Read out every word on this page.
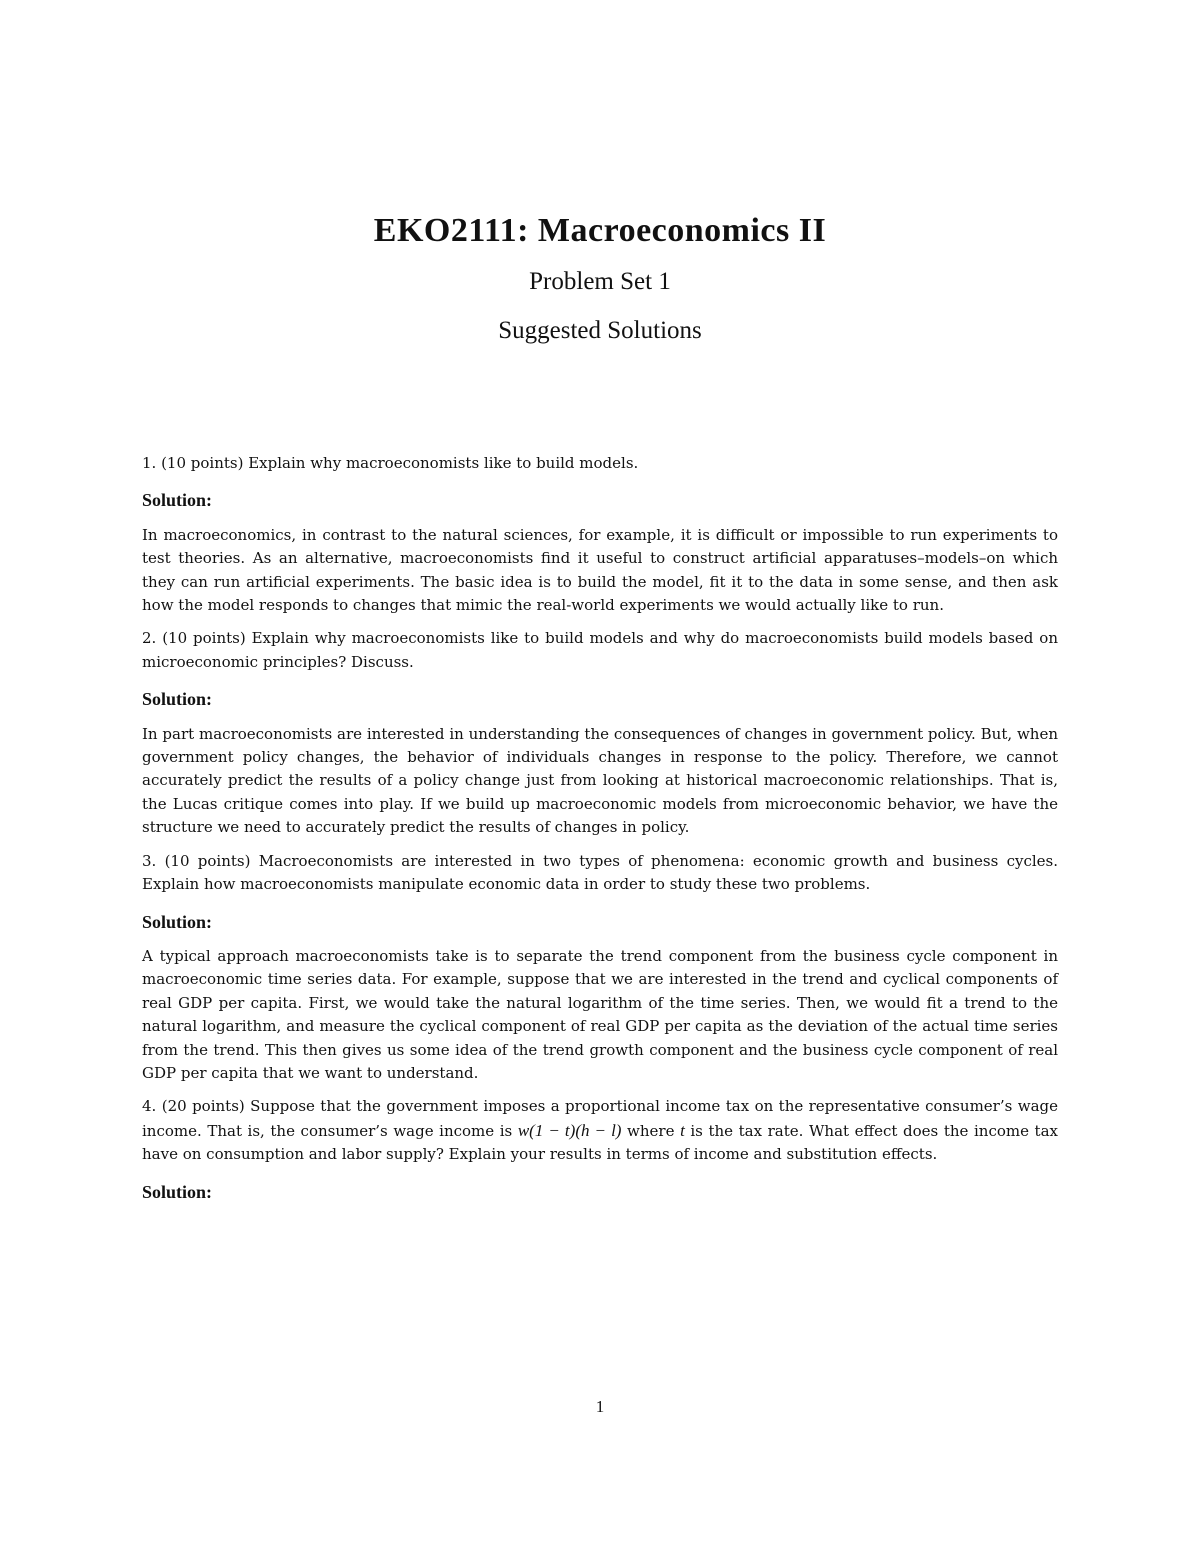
EKO2111: Macroeconomics II
Problem Set 1
Suggested Solutions

1. (10 points) Explain why macroeconomists like to build models.

Solution:

In macroeconomics, in contrast to the natural sciences, for example, it is difficult or impossible to run experiments to test theories. As an alternative, macroeconomists find it useful to construct artificial apparatuses–models–on which they can run artificial experiments. The basic idea is to build the model, fit it to the data in some sense, and then ask how the model responds to changes that mimic the real-world experiments we would actually like to run.

2. (10 points) Explain why macroeconomists like to build models and why do macroeconomists build models based on microeconomic principles? Discuss.

Solution:

In part macroeconomists are interested in understanding the consequences of changes in government policy. But, when government policy changes, the behavior of individuals changes in response to the policy. Therefore, we cannot accurately predict the results of a policy change just from looking at historical macroeconomic relationships. That is, the Lucas critique comes into play. If we build up macroeconomic models from microeconomic behavior, we have the structure we need to accurately predict the results of changes in policy.

3. (10 points) Macroeconomists are interested in two types of phenomena: economic growth and business cycles. Explain how macroeconomists manipulate economic data in order to study these two problems.

Solution:

A typical approach macroeconomists take is to separate the trend component from the business cycle component in macroeconomic time series data. For example, suppose that we are interested in the trend and cyclical components of real GDP per capita. First, we would take the natural logarithm of the time series. Then, we would fit a trend to the natural logarithm, and measure the cyclical component of real GDP per capita as the deviation of the actual time series from the trend. This then gives us some idea of the trend growth component and the business cycle component of real GDP per capita that we want to understand.

4. (20 points) Suppose that the government imposes a proportional income tax on the representative consumer’s wage income. That is, the consumer’s wage income is w(1 − t)(h − l) where t is the tax rate. What effect does the income tax have on consumption and labor supply? Explain your results in terms of income and substitution effects.

Solution:
1
